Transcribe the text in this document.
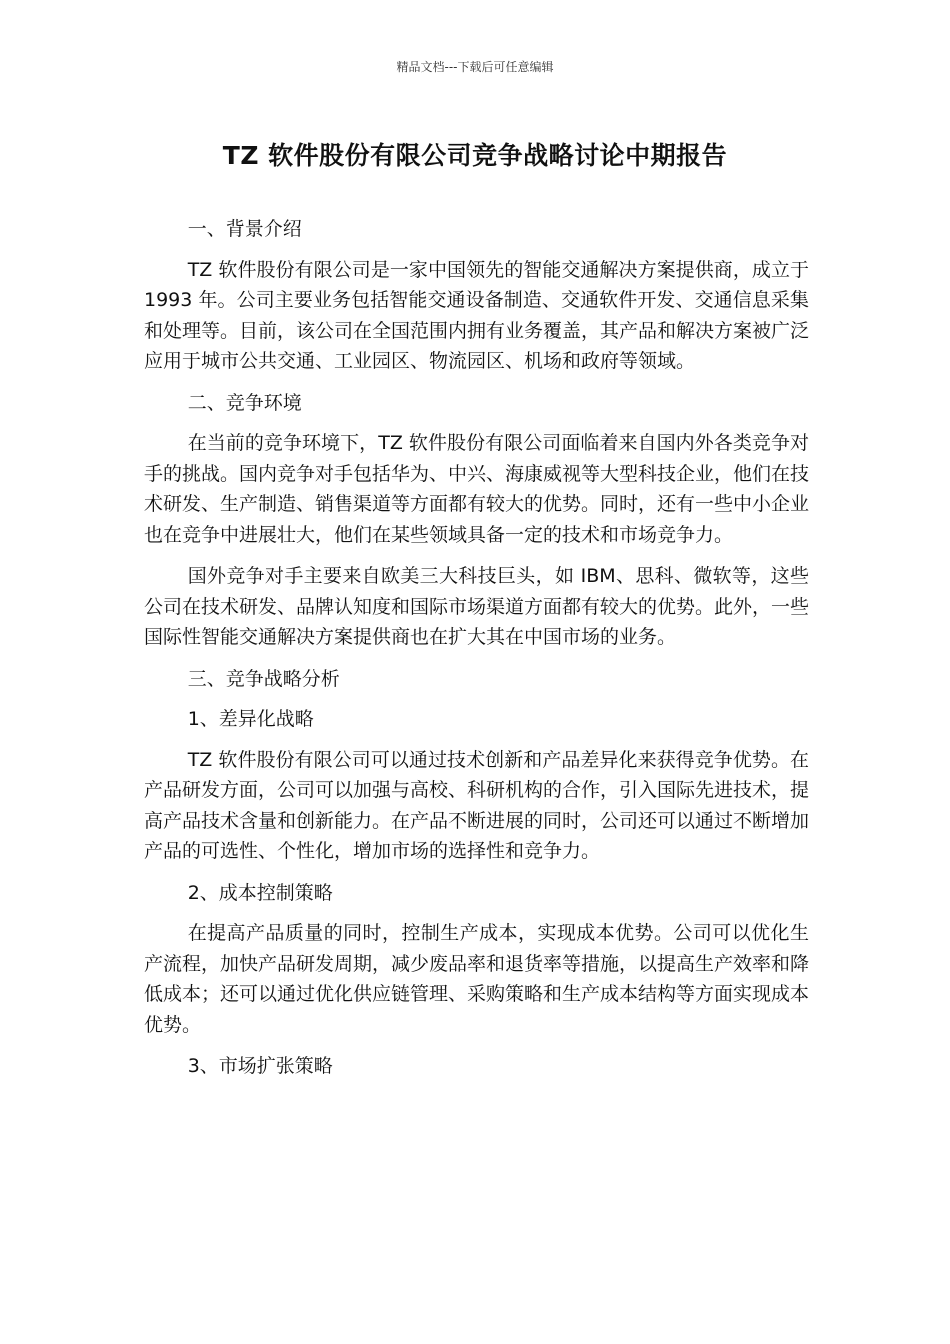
精品文档---下载后可任意编辑
TZ 软件股份有限公司竞争战略讨论中期报告

一、背景介绍

TZ 软件股份有限公司是一家中国领先的智能交通解决方案提供商，成立于 1993 年。公司主要业务包括智能交通设备制造、交通软件开发、交通信息采集和处理等。目前，该公司在全国范围内拥有业务覆盖，其产品和解决方案被广泛应用于城市公共交通、工业园区、物流园区、机场和政府等领域。

二、竞争环境

在当前的竞争环境下，TZ 软件股份有限公司面临着来自国内外各类竞争对手的挑战。国内竞争对手包括华为、中兴、海康威视等大型科技企业，他们在技术研发、生产制造、销售渠道等方面都有较大的优势。同时，还有一些中小企业也在竞争中进展壮大，他们在某些领域具备一定的技术和市场竞争力。

国外竞争对手主要来自欧美三大科技巨头，如 IBM、思科、微软等，这些公司在技术研发、品牌认知度和国际市场渠道方面都有较大的优势。此外，一些国际性智能交通解决方案提供商也在扩大其在中国市场的业务。

三、竞争战略分析

1、差异化战略

TZ 软件股份有限公司可以通过技术创新和产品差异化来获得竞争优势。在产品研发方面，公司可以加强与高校、科研机构的合作，引入国际先进技术，提高产品技术含量和创新能力。在产品不断进展的同时，公司还可以通过不断增加产品的可选性、个性化，增加市场的选择性和竞争力。

2、成本控制策略

在提高产品质量的同时，控制生产成本，实现成本优势。公司可以优化生产流程，加快产品研发周期，减少废品率和退货率等措施，以提高生产效率和降低成本；还可以通过优化供应链管理、采购策略和生产成本结构等方面实现成本优势。

3、市场扩张策略
